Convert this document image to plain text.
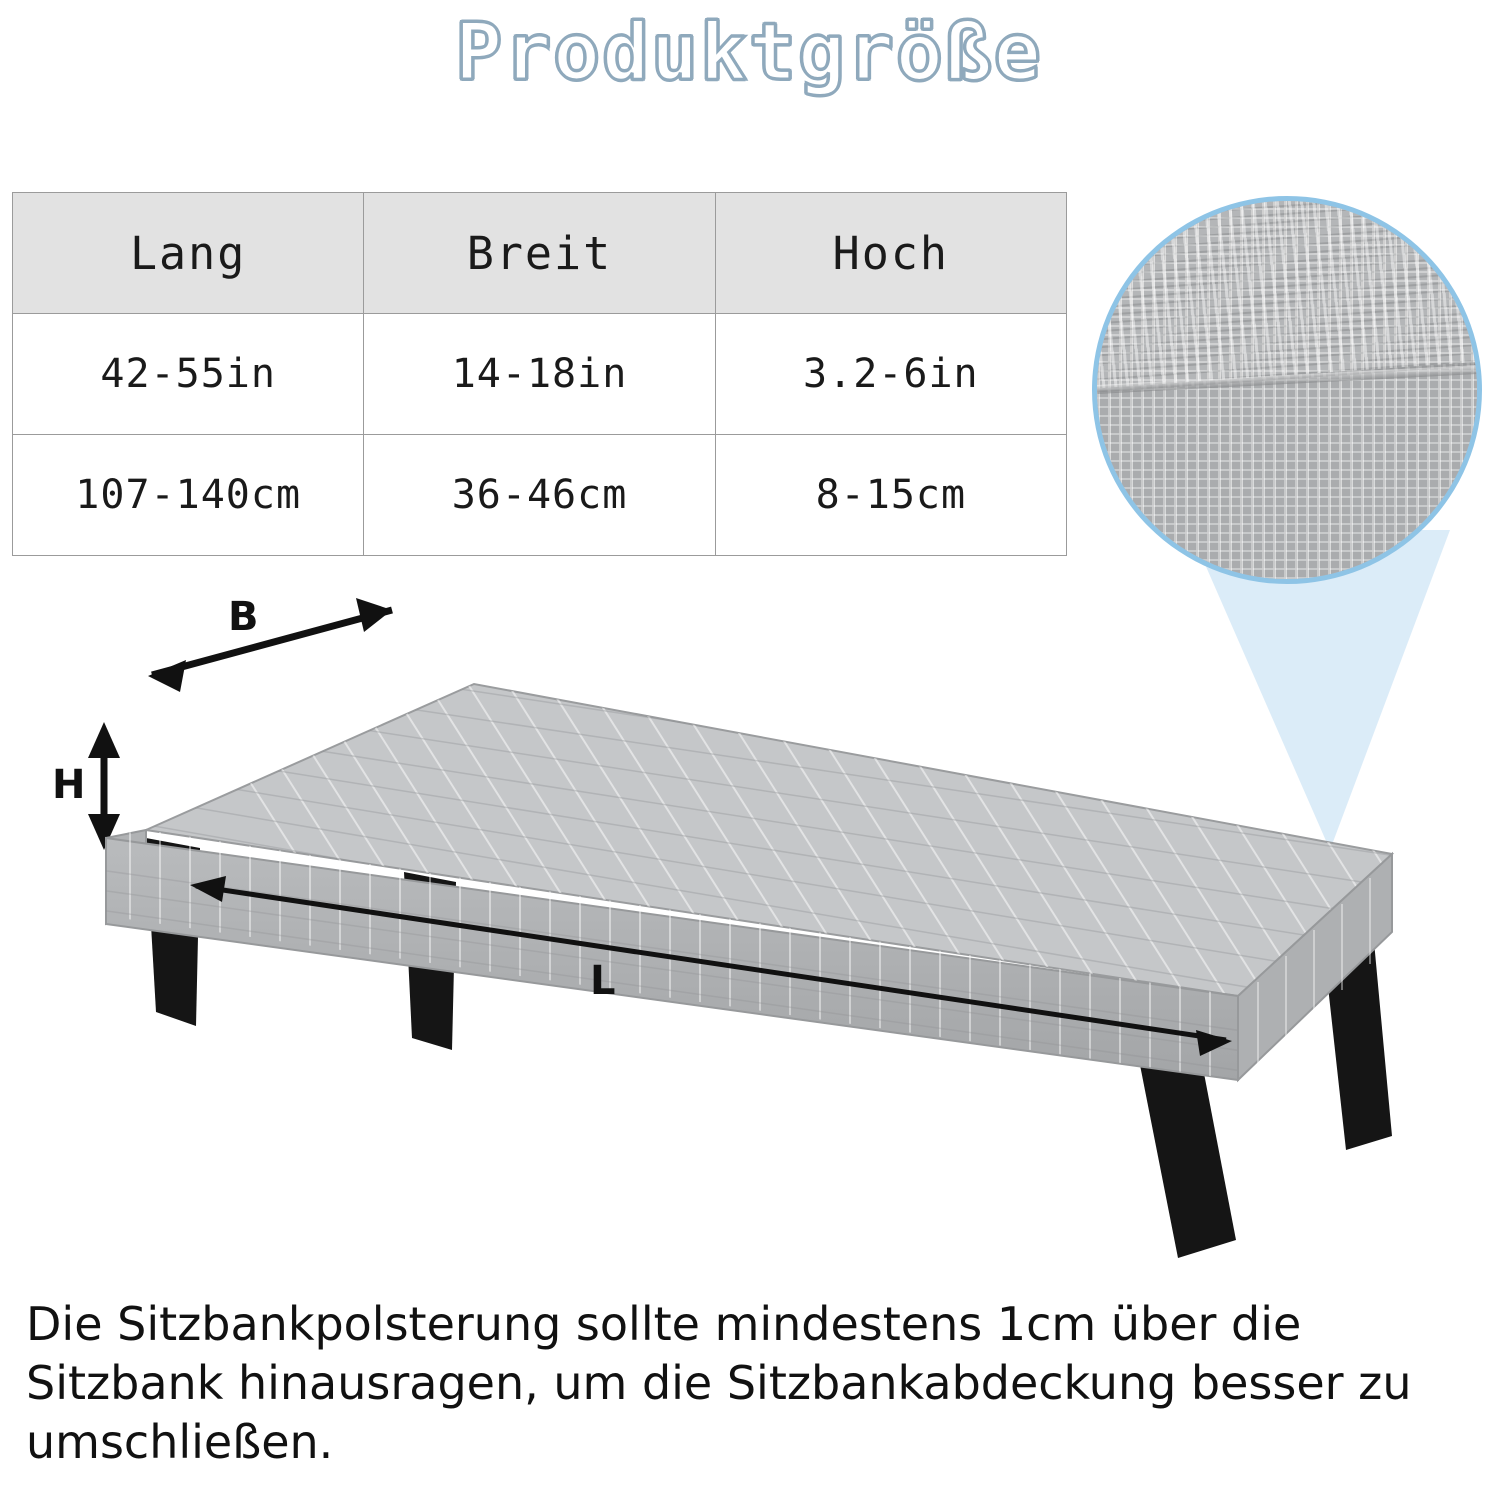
Produktgröße
Lang	Breit	Hoch
42-55in	14-18in	3.2-6in
107-140cm	36-46cm	8-15cm
B
H
L
Die Sitzbankpolsterung sollte mindestens 1cm über die Sitzbank hinausragen, um die Sitzbankabdeckung besser zu umschließen.
